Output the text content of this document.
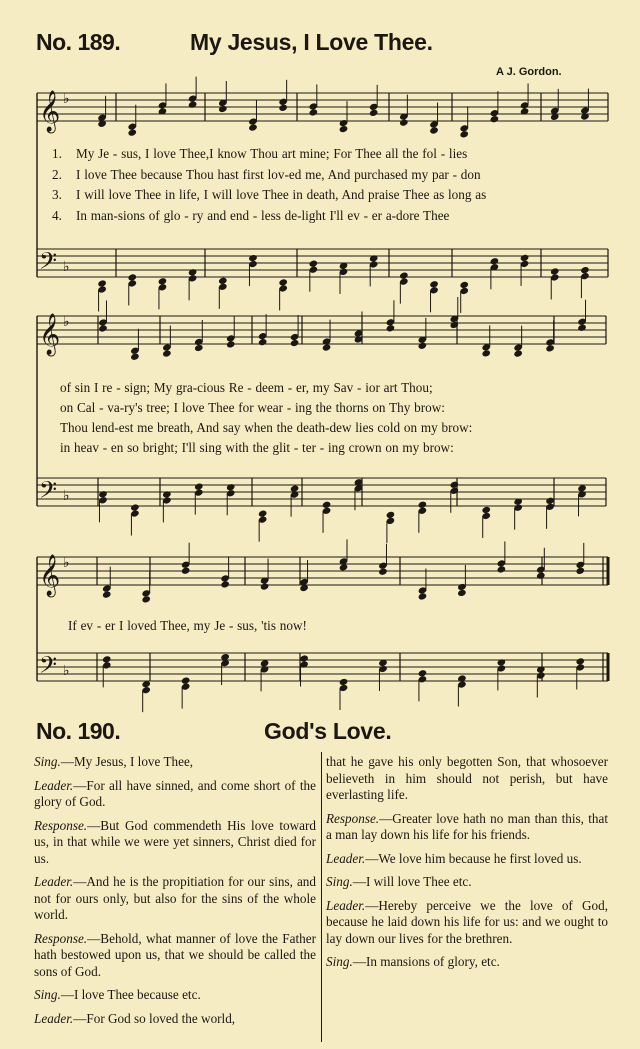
No. 189.	My Jesus, I Love Thee.
A J. Gordon.
𝄞 ♭
𝄢 ♭
𝄞 ♭
𝄢 ♭
𝄞 ♭
𝄢 ♭
1. My Je - sus, I love Thee,I know Thou art mine; For Thee all the fol - lies
2. I love Thee because Thou hast first lov-ed me, And purchased my par - don
3. I will love Thee in life, I will love Thee in death, And praise Thee as long as
4. In man-sions of glo - ry and end - less de-light I'll ev - er a-dore Thee
of sin I re - sign; My gra-cious Re - deem - er, my Sav - ior art Thou;
on Cal - va-ry's tree; I love Thee for wear - ing the thorns on Thy brow:
Thou lend-est me breath, And say when the death-dew lies cold on my brow:
in heav - en so bright; I'll sing with the glit - ter - ing crown on my brow:
If ev - er I loved Thee, my Je - sus, 'tis now!
No. 190.	God's Love.

Sing.—My Jesus, I love Thee,

Leader.—For all have sinned, and come short of the glory of God.

Response.—But God commendeth His love toward us, in that while we were yet sinners, Christ died for us.

Leader.—And he is the propitiation for our sins, and not for ours only, but also for the sins of the whole world.

Response.—Behold, what manner of love the Father hath bestowed upon us, that we should be called the sons of God.

Sing.—I love Thee because etc.

Leader.—For God so loved the world,

that he gave his only begotten Son, that whosoever believeth in him should not perish, but have everlasting life.

Response.—Greater love hath no man than this, that a man lay down his life for his friends.

Leader.—We love him because he first loved us.

Sing.—I will love Thee etc.

Leader.—Hereby perceive we the love of God, because he laid down his life for us: and we ought to lay down our lives for the brethren.

Sing.—In mansions of glory, etc.
